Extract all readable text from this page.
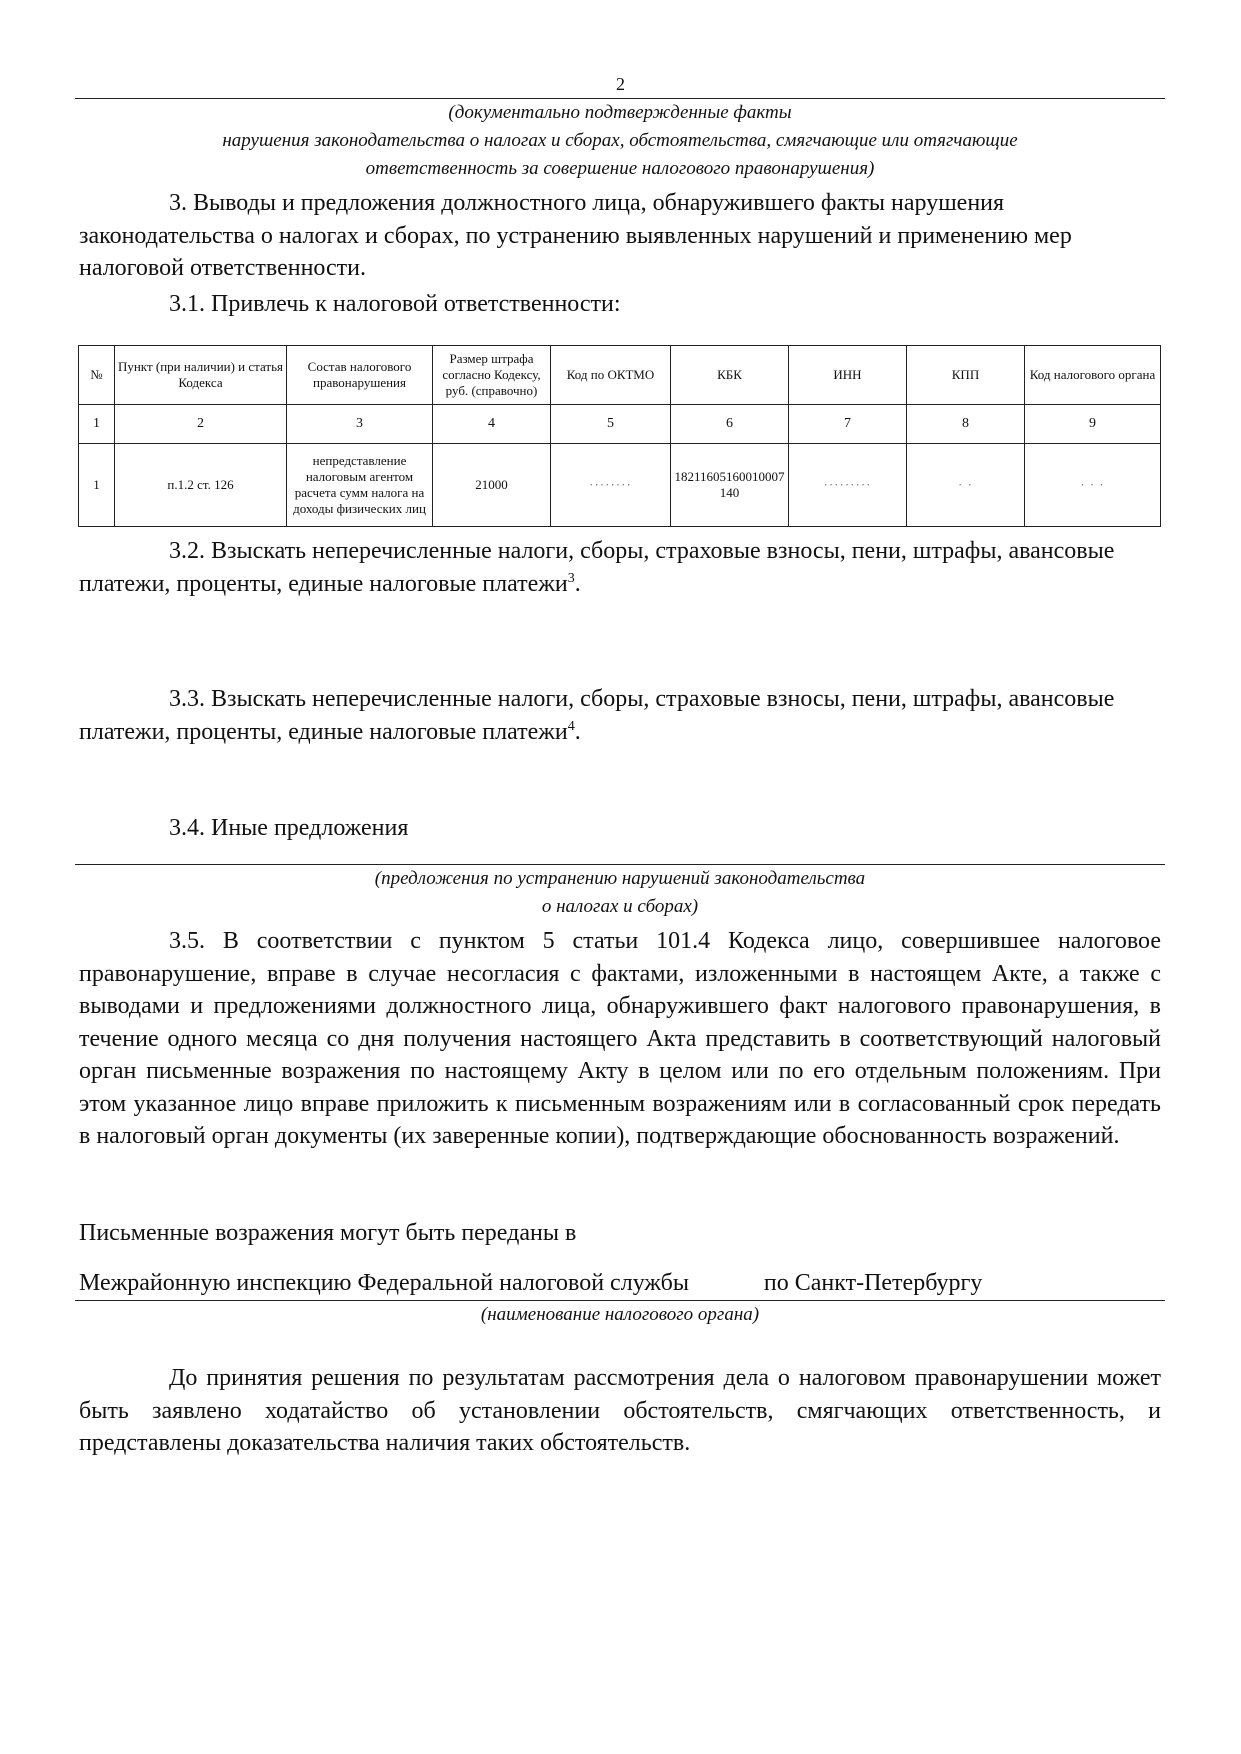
2
(документально подтвержденные факты
нарушения законодательства о налогах и сборах, обстоятельства, смягчающие или отягчающие
ответственность за совершение налогового правонарушения)
3. Выводы и предложения должностного лица, обнаружившего факты нарушения законодательства о налогах и сборах, по устранению выявленных нарушений и применению мер налоговой ответственности.
3.1. Привлечь к налоговой ответственности:
№	Пункт (при наличии) и статья Кодекса	Состав налогового правонарушения	Размер штрафа согласно Кодексу, руб. (справочно)	Код по ОКТМО	КБК	ИНН	КПП	Код налогового органа
1	2	3	4	5	6	7	8	9
1	п.1.2 ст. 126	непредставление налоговым агентом расчета сумм налога на доходы физических лиц	21000	········	18211605160010007140	·········	· ·	· · ·
3.2. Взыскать неперечисленные налоги, сборы, страховые взносы, пени, штрафы, авансовые платежи, проценты, единые налоговые платежи$^3$.
3.3. Взыскать неперечисленные налоги, сборы, страховые взносы, пени, штрафы, авансовые платежи, проценты, единые налоговые платежи$^4$.
3.4. Иные предложения
(предложения по устранению нарушений законодательства
о налогах и сборах)
3.5. В соответствии с пунктом 5 статьи 101.4 Кодекса лицо, совершившее налоговое правонарушение, вправе в случае несогласия с фактами, изложенными в настоящем Акте, а также с выводами и предложениями должностного лица, обнаружившего факт налогового правонарушения, в течение одного месяца со дня получения настоящего Акта представить в соответствующий налоговый орган письменные возражения по настоящему Акту в целом или по его отдельным положениям. При этом указанное лицо вправе приложить к письменным возражениям или в согласованный срок передать в налоговый орган документы (их заверенные копии), подтверждающие обоснованность возражений.
Письменные возражения могут быть переданы в
Межрайонную инспекцию Федеральной налоговой службы № ██ по Санкт-Петербургу
(наименование налогового органа)
До принятия решения по результатам рассмотрения дела о налоговом правонарушении может быть заявлено ходатайство об установлении обстоятельств, смягчающих ответственность, и представлены доказательства наличия таких обстоятельств.
